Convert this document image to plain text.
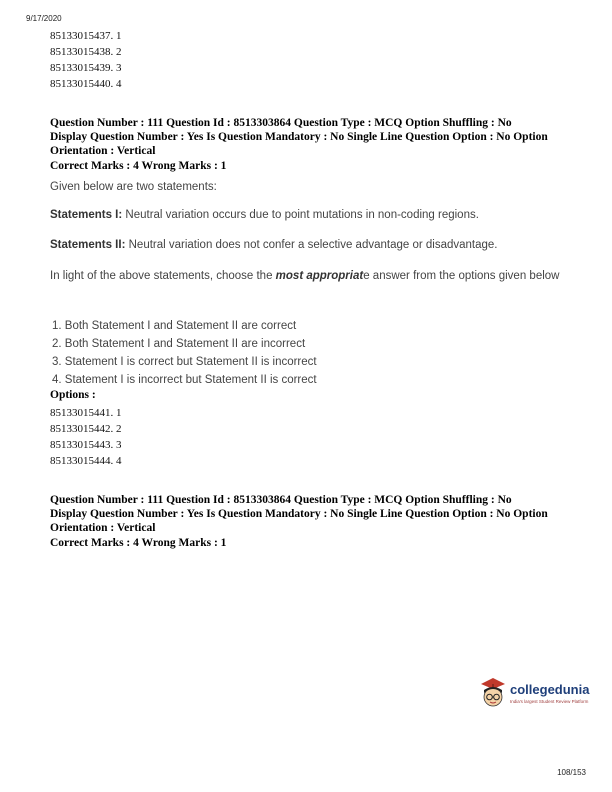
9/17/2020
85133015437. 1
85133015438. 2
85133015439. 3
85133015440. 4
Question Number : 111 Question Id : 8513303864 Question Type : MCQ Option Shuffling : No
Display Question Number : Yes Is Question Mandatory : No Single Line Question Option : No Option
Orientation : Vertical
Correct Marks : 4 Wrong Marks : 1
Given below are two statements:
Statements I: Neutral variation occurs due to point mutations in non-coding regions.
Statements II: Neutral variation does not confer a selective advantage or disadvantage.
In light of the above statements, choose the most appropriate answer from the options given below
1. Both Statement I and Statement II are correct
2. Both Statement I and Statement II are incorrect
3. Statement I is correct but Statement II is incorrect
4. Statement I is incorrect but Statement II is correct
Options :
85133015441. 1
85133015442. 2
85133015443. 3
85133015444. 4
Question Number : 111 Question Id : 8513303864 Question Type : MCQ Option Shuffling : No
Display Question Number : Yes Is Question Mandatory : No Single Line Question Option : No Option
Orientation : Vertical
Correct Marks : 4 Wrong Marks : 1
collegedunia
India's largest Student Review Platform
108/153
